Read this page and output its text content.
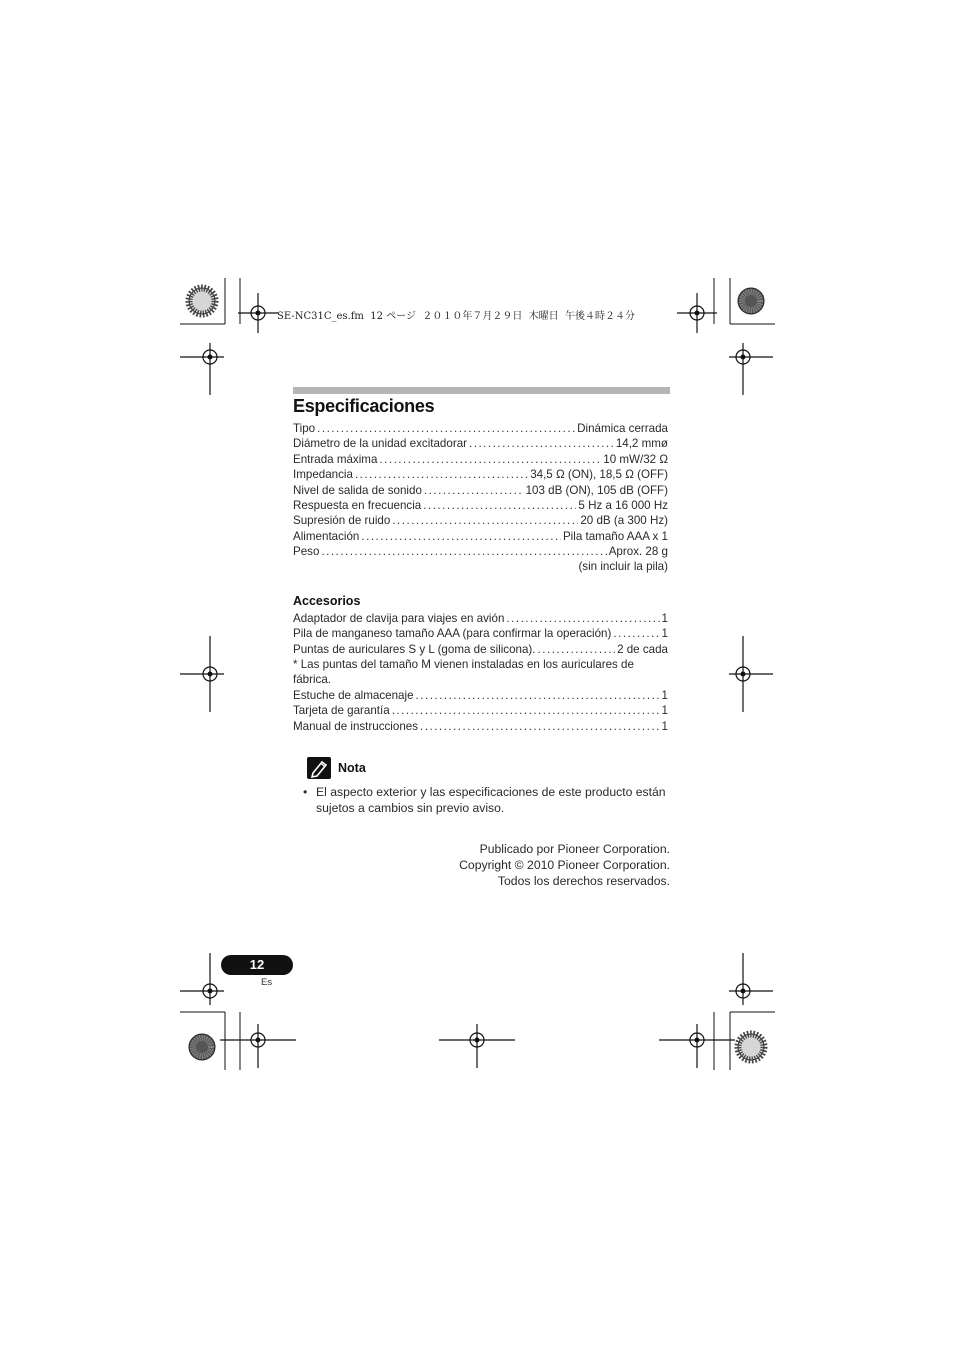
SE-NC31C_es.fm  12 ページ  ２０１０年７月２９日  木曜日  午後４時２４分
Especificaciones
Tipo .....	Dinámica cerrada
Diámetro de la unidad excitadorar .....	14,2 mmø
Entrada máxima .....	10 mW/32 Ω
Impedancia .....	34,5 Ω (ON), 18,5 Ω (OFF)
Nivel de salida de sonido .....	103 dB (ON), 105 dB (OFF)
Respuesta en frecuencia .....	5 Hz a 16 000 Hz
Supresión de ruido .....	20 dB (a 300 Hz)
Alimentación .....	Pila tamaño AAA x 1
Peso .....	Aprox. 28 g
(sin incluir la pila)
Accesorios
Adaptador de clavija para viajes en avión .....	1
Pila de manganeso tamaño AAA (para confirmar la operación) .....	1
Puntas de auriculares S y L (goma de silicona). .....	2 de cada
* Las puntas del tamaño M vienen instaladas en los auriculares de
fábrica.
Estuche de almacenaje .....	1
Tarjeta de garantía .....	1
Manual de instrucciones .....	1
Nota
• El aspecto exterior y las especificaciones de este producto están sujetos a cambios sin previo aviso.
Publicado por Pioneer Corporation.
Copyright © 2010 Pioneer Corporation.
Todos los derechos reservados.
12
Es
